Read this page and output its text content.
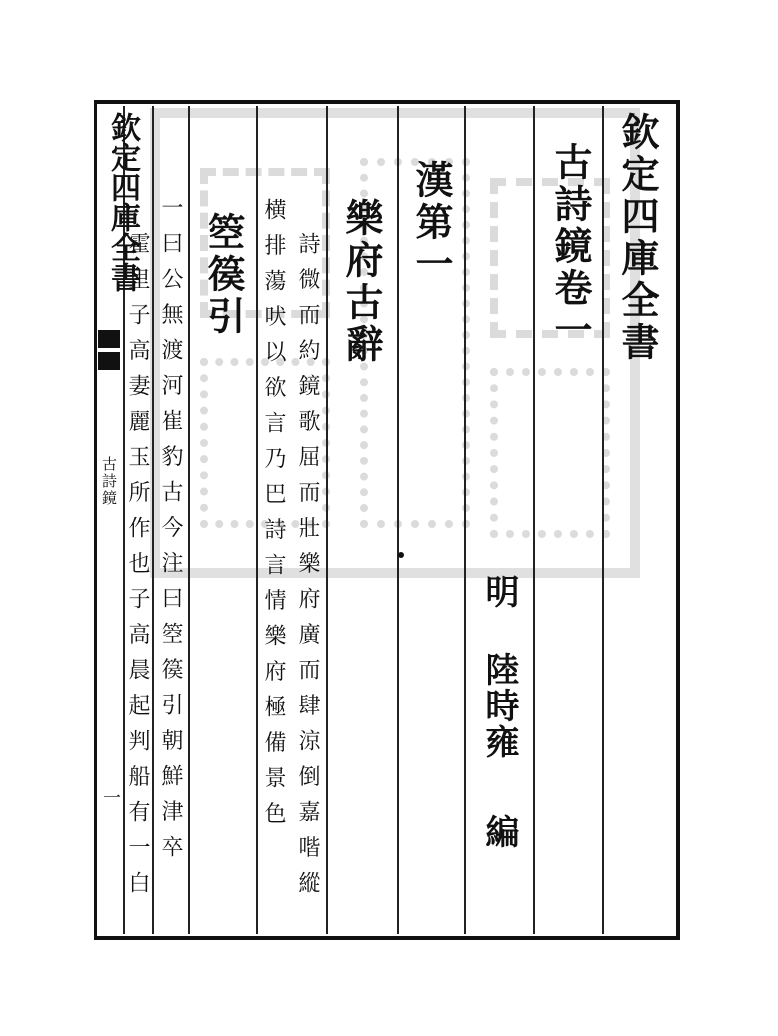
欽定四庫全書
古詩鏡
一
欽定四庫全書
古詩鏡卷一
明
陸時雍
編
漢第一
樂府古辭
詩微而約鏡歌屈而壯樂府廣而肆涼倒嘉喈縱
横排蕩吠以欲言乃巴詩言情樂府極備景色
箜篌引
一曰公無渡河崔豹古今注曰箜篌引朝鮮津卒
霍里子高妻麗玉所作也子高晨起判船有一白
